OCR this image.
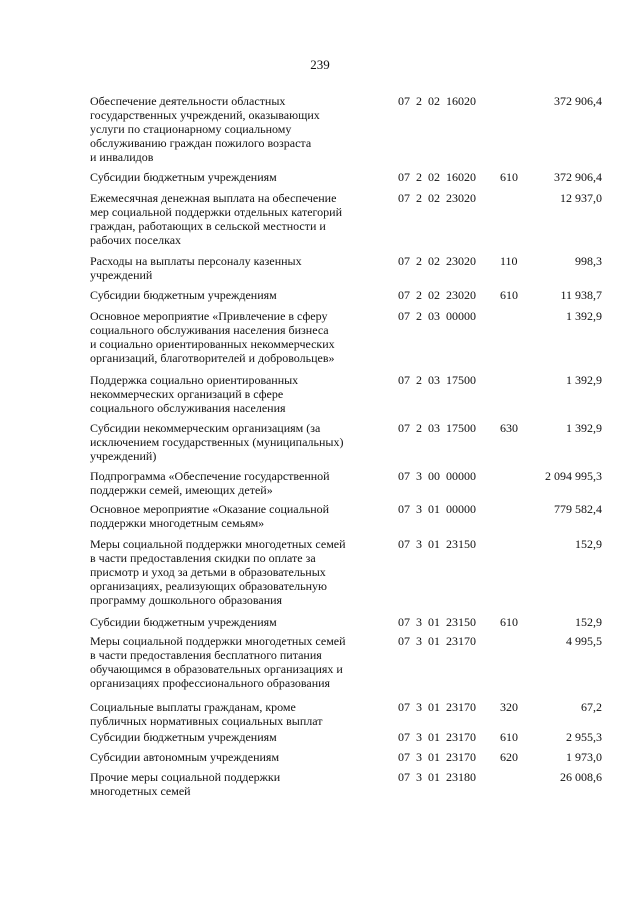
239
Обеспечение деятельности областных
государственных учреждений, оказывающих
услуги по стационарному социальному
обслуживанию граждан пожилого возраста
и инвалидов
07  2  02  16020	372 906,4
Субсидии бюджетным учреждениям	07  2  02  16020	610	372 906,4
Ежемесячная денежная выплата на обеспечение
мер социальной поддержки отдельных категорий
граждан, работающих в сельской местности и
рабочих поселках
07  2  02  23020	12 937,0
Расходы на выплаты персоналу казенных
учреждений
07  2  02  23020	110	998,3
Субсидии бюджетным учреждениям	07  2  02  23020	610	11 938,7
Основное мероприятие «Привлечение в сферу
социального обслуживания населения бизнеса
и социально ориентированных некоммерческих
организаций, благотворителей и добровольцев»
07  2  03  00000	1 392,9
Поддержка социально ориентированных
некоммерческих организаций в сфере
социального обслуживания населения
07  2  03  17500	1 392,9
Субсидии некоммерческим организациям (за
исключением государственных (муниципальных)
учреждений)
07  2  03  17500	630	1 392,9
Подпрограмма «Обеспечение государственной
поддержки семей, имеющих детей»
07  3  00  00000	2 094 995,3
Основное мероприятие «Оказание социальной
поддержки многодетным семьям»
07  3  01  00000	779 582,4
Меры социальной поддержки многодетных семей
в части предоставления скидки по оплате за
присмотр и уход за детьми в образовательных
организациях, реализующих образовательную
программу дошкольного образования
07  3  01  23150	152,9
Субсидии бюджетным учреждениям	07  3  01  23150	610	152,9
Меры социальной поддержки многодетных семей
в части предоставления бесплатного питания
обучающимся в образовательных организациях и
организациях профессионального образования
07  3  01  23170	4 995,5
Социальные выплаты гражданам, кроме
публичных нормативных социальных выплат
07  3  01  23170	320	67,2
Субсидии бюджетным учреждениям	07  3  01  23170	610	2 955,3
Субсидии автономным учреждениям	07  3  01  23170	620	1 973,0
Прочие меры социальной поддержки
многодетных семей
07  3  01  23180	26 008,6
